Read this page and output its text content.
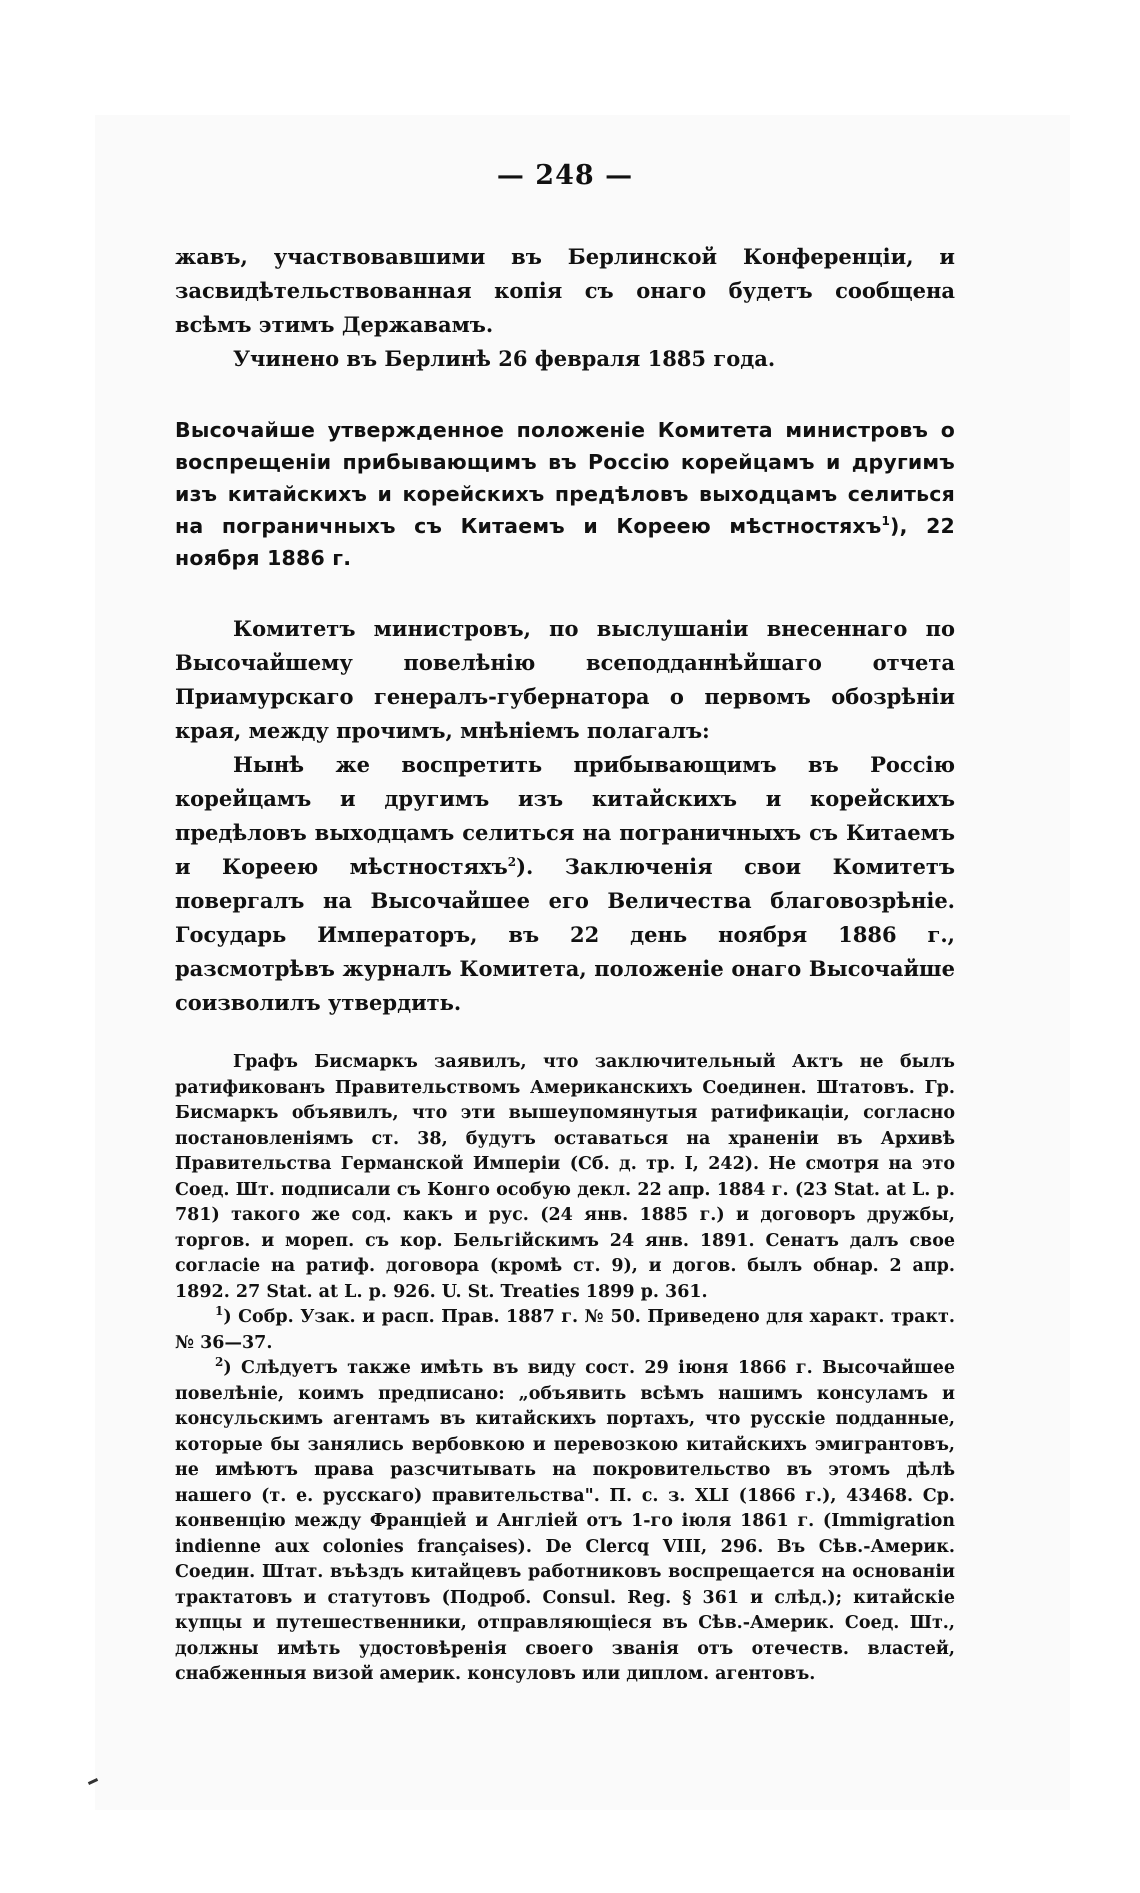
— 248 —

жавъ, участвовавшими въ Берлинской Конференціи, и засвидѣтельствованная копія съ онаго будетъ сообщена всѣмъ этимъ Державамъ.

Учинено въ Берлинѣ 26 февраля 1885 года.

Высочайше утвержденное положеніе Комитета министровъ о воспрещеніи прибывающимъ въ Россію корейцамъ и другимъ изъ китайскихъ и корейскихъ предѣловъ выходцамъ селиться на пограничныхъ съ Китаемъ и Кореею мѣстностяхъ$^1$), 22 ноября 1886 г.

Комитетъ министровъ, по выслушаніи внесеннаго по Высочайшему повелѣнію всеподданнѣйшаго отчета Приамурскаго генералъ-губернатора о первомъ обозрѣніи края, между прочимъ, мнѣніемъ полагалъ:

Нынѣ же воспретить прибывающимъ въ Россію корейцамъ и другимъ изъ китайскихъ и корейскихъ предѣловъ выходцамъ селиться на пограничныхъ съ Китаемъ и Кореею мѣстностяхъ$^2$). Заключенія свои Комитетъ повергалъ на Высочайшее его Величества благовозрѣніе. Государь Императоръ, въ 22 день ноября 1886 г., разсмотрѣвъ журналъ Комитета, положеніе онаго Высочайше соизволилъ утвердить.

Графъ Бисмаркъ заявилъ, что заключительный Актъ не былъ ратификованъ Правительствомъ Американскихъ Соединен. Штатовъ. Гр. Бисмаркъ объявилъ, что эти вышеупомянутыя ратификаціи, согласно постановленіямъ ст. 38, будутъ оставаться на храненіи въ Архивѣ Правительства Германской Имперіи (Сб. д. тр. I, 242). Не смотря на это Соед. Шт. подписали съ Конго особую декл. 22 апр. 1884 г. (23 Stat. at L. p. 781) такого же сод. какъ и рус. (24 янв. 1885 г.) и договоръ дружбы, торгов. и мореп. съ кор. Бельгійскимъ 24 янв. 1891. Сенатъ далъ свое согласіе на ратиф. договора (кромѣ ст. 9), и догов. былъ обнар. 2 апр. 1892. 27 Stat. at L. p. 926. U. St. Treaties 1899 p. 361.

$^1$) Собр. Узак. и расп. Прав. 1887 г. № 50. Приведено для характ. тракт. № 36—37.

$^2$) Слѣдуетъ также имѣть въ виду сост. 29 іюня 1866 г. Высочайшее повелѣніе, коимъ предписано: „объявить всѣмъ нашимъ консуламъ и консульскимъ агентамъ въ китайскихъ портахъ, что русскіе подданные, которые бы занялись вербовкою и перевозкою китайскихъ эмигрантовъ, не имѣютъ права разсчитывать на покровительство въ этомъ дѣлѣ нашего (т. е. русскаго) правительства". П. с. з. XLI (1866 г.), 43468. Ср. конвенцію между Франціей и Англіей отъ 1-го іюля 1861 г. (Immigration indienne aux colonies françaises). De Clercq VIII, 296. Въ Сѣв.-Америк. Соедин. Штат. въѣздъ китайцевъ работниковъ воспрещается на основаніи трактатовъ и статутовъ (Подроб. Consul. Reg. § 361 и слѣд.); китайскіе купцы и путешественники, отправляющіеся въ Сѣв.-Америк. Соед. Шт., должны имѣть удостовѣренія своего званія отъ отечеств. властей, снабженныя визой америк. консуловъ или диплом. агентовъ.
